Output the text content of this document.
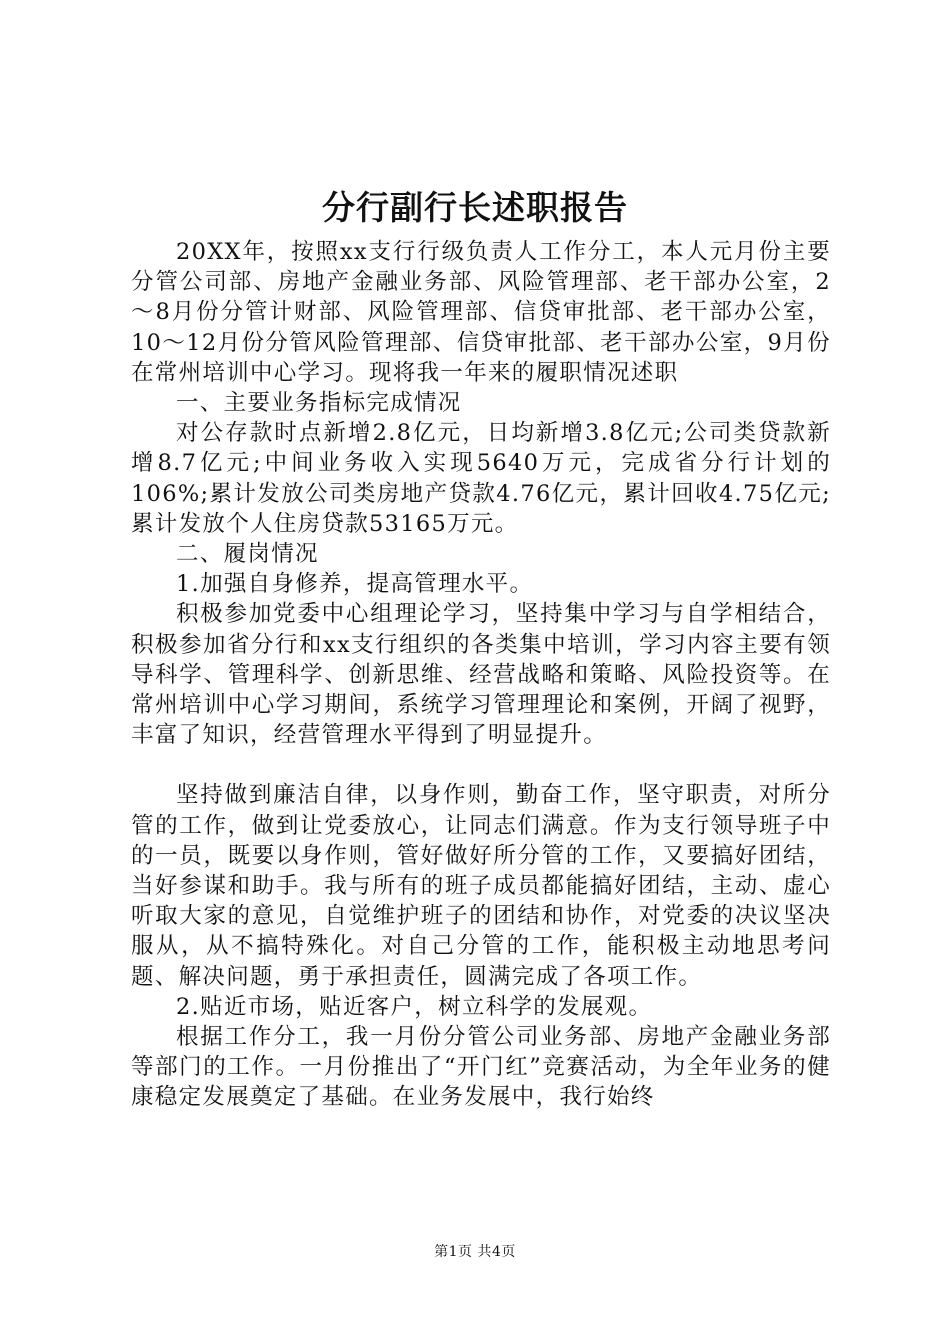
分行副行长述职报告

20XX年，按照xx支行行级负责人工作分工，本人元月份主要分管公司部、房地产金融业务部、风险管理部、老干部办公室，2～8月份分管计财部、风险管理部、信贷审批部、老干部办公室，10～12月份分管风险管理部、信贷审批部、老干部办公室，9月份在常州培训中心学习。现将我一年来的履职情况述职

一、主要业务指标完成情况

对公存款时点新增2.8亿元，日均新增3.8亿元;公司类贷款新增8.7亿元;中间业务收入实现5640万元，完成省分行计划的106%;累计发放公司类房地产贷款4.76亿元，累计回收4.75亿元;累计发放个人住房贷款53165万元。

二、履岗情况

1.加强自身修养，提高管理水平。

积极参加党委中心组理论学习，坚持集中学习与自学相结合，积极参加省分行和xx支行组织的各类集中培训，学习内容主要有领导科学、管理科学、创新思维、经营战略和策略、风险投资等。在常州培训中心学习期间，系统学习管理理论和案例，开阔了视野，丰富了知识，经营管理水平得到了明显提升。

坚持做到廉洁自律，以身作则，勤奋工作，坚守职责，对所分管的工作，做到让党委放心，让同志们满意。作为支行领导班子中的一员，既要以身作则，管好做好所分管的工作，又要搞好团结，当好参谋和助手。我与所有的班子成员都能搞好团结，主动、虚心听取大家的意见，自觉维护班子的团结和协作，对党委的决议坚决服从，从不搞特殊化。对自己分管的工作，能积极主动地思考问题、解决问题，勇于承担责任，圆满完成了各项工作。

2.贴近市场，贴近客户，树立科学的发展观。

根据工作分工，我一月份分管公司业务部、房地产金融业务部等部门的工作。一月份推出了“开门红”竞赛活动，为全年业务的健康稳定发展奠定了基础。在业务发展中，我行始终

第1页 共4页
